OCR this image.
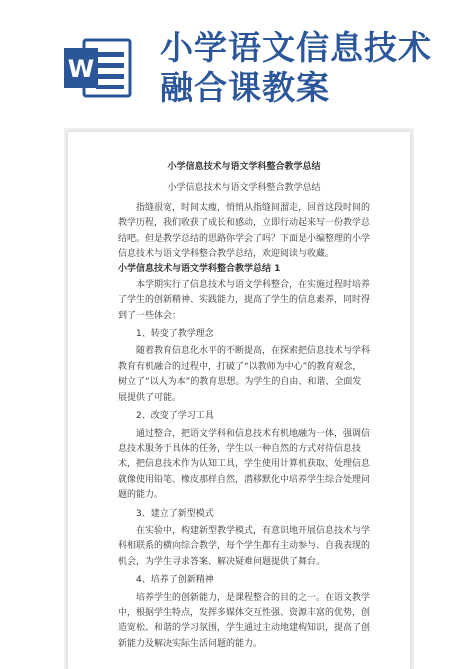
W
小学语文信息技术融合课教案

小学信息技术与语文学科整合教学总结

小学信息技术与语文学科整合教学总结

指缝很宽，时间太瘦，悄悄从指缝间溜走，回首这段时间的教学历程，我们收获了成长和感动，立即行动起来写一份教学总结吧。但是教学总结的思路你学会了吗？下面是小编整理的小学信息技术与语文学科整合教学总结，欢迎阅读与收藏。

小学信息技术与语文学科整合教学总结 1

本学期实行了信息技术与语文学科整合，在实施过程时培养了学生的创新精神、实践能力，提高了学生的信息素养，同时得到了一些体会：

1、转变了教学理念

随着教育信息化水平的不断提高，在探索把信息技术与学科教育有机融合的过程中，打破了“以教师为中心”的教育观念，树立了“以人为本”的教育思想。为学生的自由、和谐、全面发展提供了可能。

2、改变了学习工具

通过整合，把语文学科和信息技术有机地融为一体，强调信息技术服务于具体的任务，学生以一种自然的方式对待信息技术，把信息技术作为认知工具，学生使用计算机获取、处理信息就像使用铅笔、橡皮那样自然，潜移默化中培养学生综合处理问题的能力。

3、建立了新型模式

在实验中，构建新型教学模式，有意识地开展信息技术与学科相联系的横向综合教学，每个学生都有主动参与、自我表现的机会，为学生寻求答案、解决疑难问题提供了舞台。

4、培养了创新精神

培养学生的创新能力，是课程整合的目的之一。在语文教学中，根据学生特点，发挥多媒体交互性强、资源丰富的优势，创造宽松、和谐的学习氛围，学生通过主动地建构知识，提高了创新能力及解决实际生活问题的能力。
